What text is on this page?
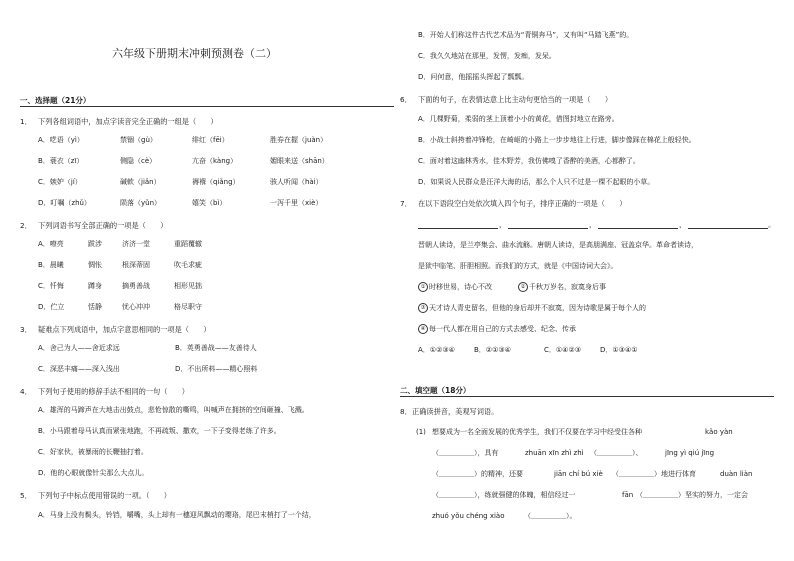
六年级下册期末冲刺预测卷（二）
一、选择题（21分）
1． 下列各组词语中，加点字读音完全正确的一组是（　　）
A．呓语（yì）	禁锢（gù）	绯红（fēi）	胜券在握（juàn）
B．蓑衣（zī）	侧隐（cè）	亢奋（kàng）	媚眼来送（shān）
C．嫉妒（jí）	碱軟（jiǎn）	褥褓（qiǎng）	骇人听闻（hài）
D．叮嘱（zhǔ）	陨落（yǔn）	嬉笑（bì）	一泻千里（xiè）
2． 下列词语书写全部正确的一项是（　　）
A．嘹亮	跋涉	济济一堂	重蹈覆辙
B．晨曦	惆怅	根深蒂固	吹毛求疵
C．忏悔	蹲身	摘勇善战	相形见拙
D．伫立	恬静	忧心冲冲	格尽职守
3． 疑难点下列成语中，加点字意思相同的一项是（　　）
A．舍己为人——舍近求远	B．英勇善战——友善待人
C．深恶丰痛——深入浅出	D．不出所料——精心照料
4． 下列句子使用的修辞手法不相同的一句（　　）
A．雄浑的马蹄声在大地击出鼓点，悲怆惊散的嘶鸣，叫喊声在拥挤的空间砸撞、飞溅。
B．小马跟着母马认真而紧张地跑，不再疏叛、撒欢，一下子变得老练了许多。
C．好家伙，被暴雨的长鞭抽打着。
D．他的心眼就像针尖那么大点儿。
5． 下列句子中标点使用错误的一项。（　　）
A．马身上没有鬓头，铃铛，嚼嘴，头上却有一穗迎风飘动的璎珞，尾巴末梢打了一个结，
B．开始人们称这件古代艺术品为“青铜奔马”，又有叫“马踏飞燕”的。
C．我久久地站在那里，发愣，发痴，发呆。
D．问何意，他摇摇头挥起了瓢瓢。
6． 下面的句子，在表情达意上比主动句更恰当的一项是（　　）
A．几棵野菊，柔弱的茎上顶着小小的黄花，借图封地立在路旁。
B．小战士斜挎着冲锋枪，在崎岖的小路上一步步地往上行进，脚步像踩在棉花上般轻快。
C．面对着这幽林秀水，佳木野芳，我仿佛嗅了香醉的美酒，心都醉了。
D．如果说人民群众是汪洋大海的话，那么个人只不过是一棵不起眼的小草。
7． 在以下语段空白处依次填入四个句子，排序正确的一项是（　　）
，	，	，	。
晋朝人读诗，是兰亭集会、曲水流觞。唐朝人读诗，是高朋满座、冠盖京华。革命者读诗，
是狱中临笔、肝胆相照。而我们的方式，就是《中国诗词大会》。
① 时移世易，诗心不改	② 千秋万岁名，寂寞身后事
③ 天才诗人青史留名，但他的身后却并不寂寞，因为诗歌是属于每个人的
④ 每一代人都在用自己的方式去感受、纪念、传承
A．①②③④	B．②①③④	C．①④②③	D．①③④①
二、填空题（18分）
8． 正确读拼音，美观写词语。
(1) 想要成为一名全面发展的优秀学生，我们不仅要在学习中经受住各种	kǎo yàn
（＿＿＿＿＿），具有	zhuān xīn zhì zhì （＿＿＿＿＿）、	jīng yì qiú jīng
（＿＿＿＿＿）的精神，还要	jiān chí bú xiè （＿＿＿＿＿）地进行体育	duàn liàn
（＿＿＿＿＿），练就强健的体魄，相信经过一	fān （＿＿＿＿＿）坚实的努力，一定会
zhuó yǒu chéng xiào	（＿＿＿＿＿）。
